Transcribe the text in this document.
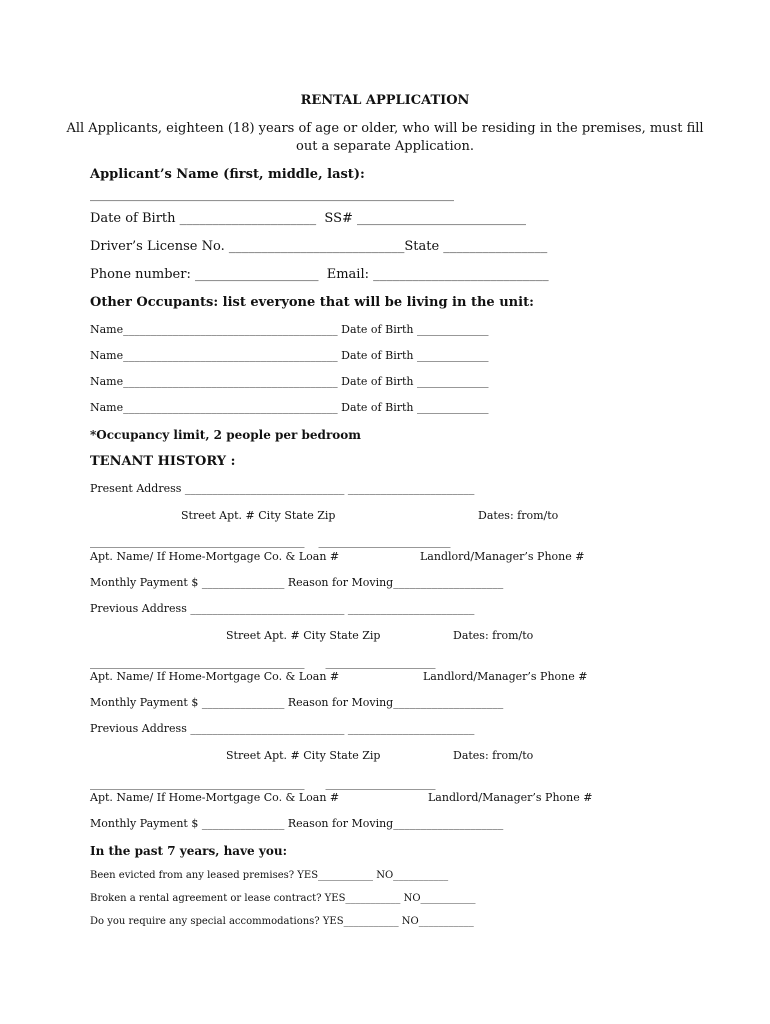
RENTAL APPLICATION
All Applicants, eighteen (18) years of age or older, who will be residing in the premises, must fill
out a separate Application.
Applicant’s Name (first, middle, last):
________________________________________________________
Date of Birth _____________________  SS# __________________________
Driver’s License No. ___________________________State ________________
Phone number: ___________________  Email: ___________________________
Other Occupants: list everyone that will be living in the unit:
Name_______________________________________ Date of Birth _____________
Name_______________________________________ Date of Birth _____________
Name_______________________________________ Date of Birth _____________
Name_______________________________________ Date of Birth _____________
*Occupancy limit, 2 people per bedroom
TENANT HISTORY :
Present Address _____________________________ _______________________
Street Apt. # City State Zip	Dates: from/to
_______________________________________    ________________________
Apt. Name/ If Home-Mortgage Co. & Loan #	Landlord/Manager’s Phone #
Monthly Payment $ _______________ Reason for Moving____________________
Previous Address ____________________________ _______________________
Street Apt. # City State Zip	Dates: from/to
_______________________________________      ____________________
Apt. Name/ If Home-Mortgage Co. & Loan #	Landlord/Manager’s Phone #
Monthly Payment $ _______________ Reason for Moving____________________
Previous Address ____________________________ _______________________
Street Apt. # City State Zip	Dates: from/to
_______________________________________      ____________________
Apt. Name/ If Home-Mortgage Co. & Loan #	Landlord/Manager’s Phone #
Monthly Payment $ _______________ Reason for Moving____________________
In the past 7 years, have you:
Been evicted from any leased premises? YES___________ NO___________
Broken a rental agreement or lease contract? YES___________ NO___________
Do you require any special accommodations? YES___________ NO___________
